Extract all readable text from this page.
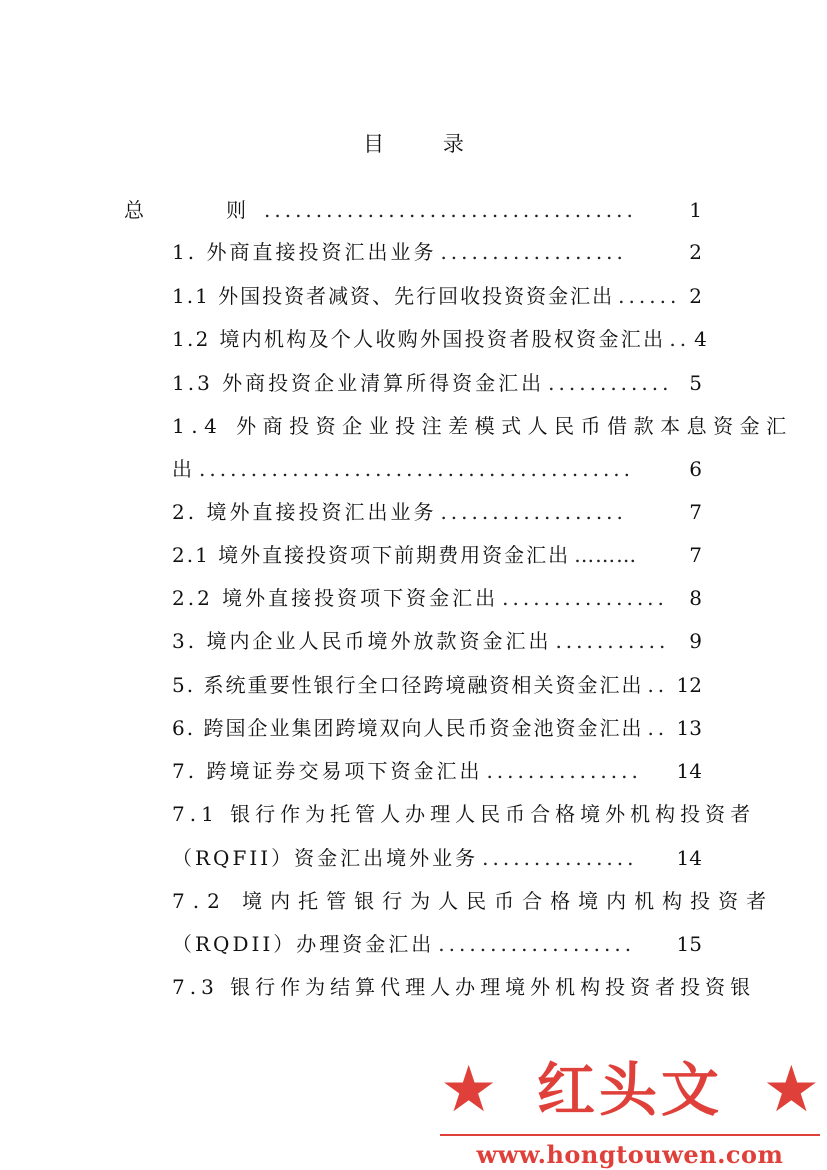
目 录
总　　则 ....................................	1
1. 外商直接投资汇出业务 ..................	2
1.1 外国投资者减资、先行回收投资资金汇出 ...... 2
1.2 境内机构及个人收购外国投资者股权资金汇出 .. 4
1.3 外商投资企业清算所得资金汇出 ............ 5
1.4 外商投资企业投注差模式人民币借款本息资金汇
出 ..........................................	6
2. 境外直接投资汇出业务 ..................	7
2.1 境外直接投资项下前期费用资金汇出 ………	7
2.2 境外直接投资项下资金汇出 ................	8
3. 境内企业人民币境外放款资金汇出 ........... 9
5. 系统重要性银行全口径跨境融资相关资金汇出 .. 12
6. 跨国企业集团跨境双向人民币资金池资金汇出 .. 13
7. 跨境证券交易项下资金汇出 ...............	14
7.1 银行作为托管人办理人民币合格境外机构投资者
（RQFII）资金汇出境外业务 ...............	14
7.2 境内托管银行为人民币合格境内机构投资者
（RQDII）办理资金汇出 ...................	15
7.3 银行作为结算代理人办理境外机构投资者投资银
★ 红头文 ★
www.hongtouwen.com
